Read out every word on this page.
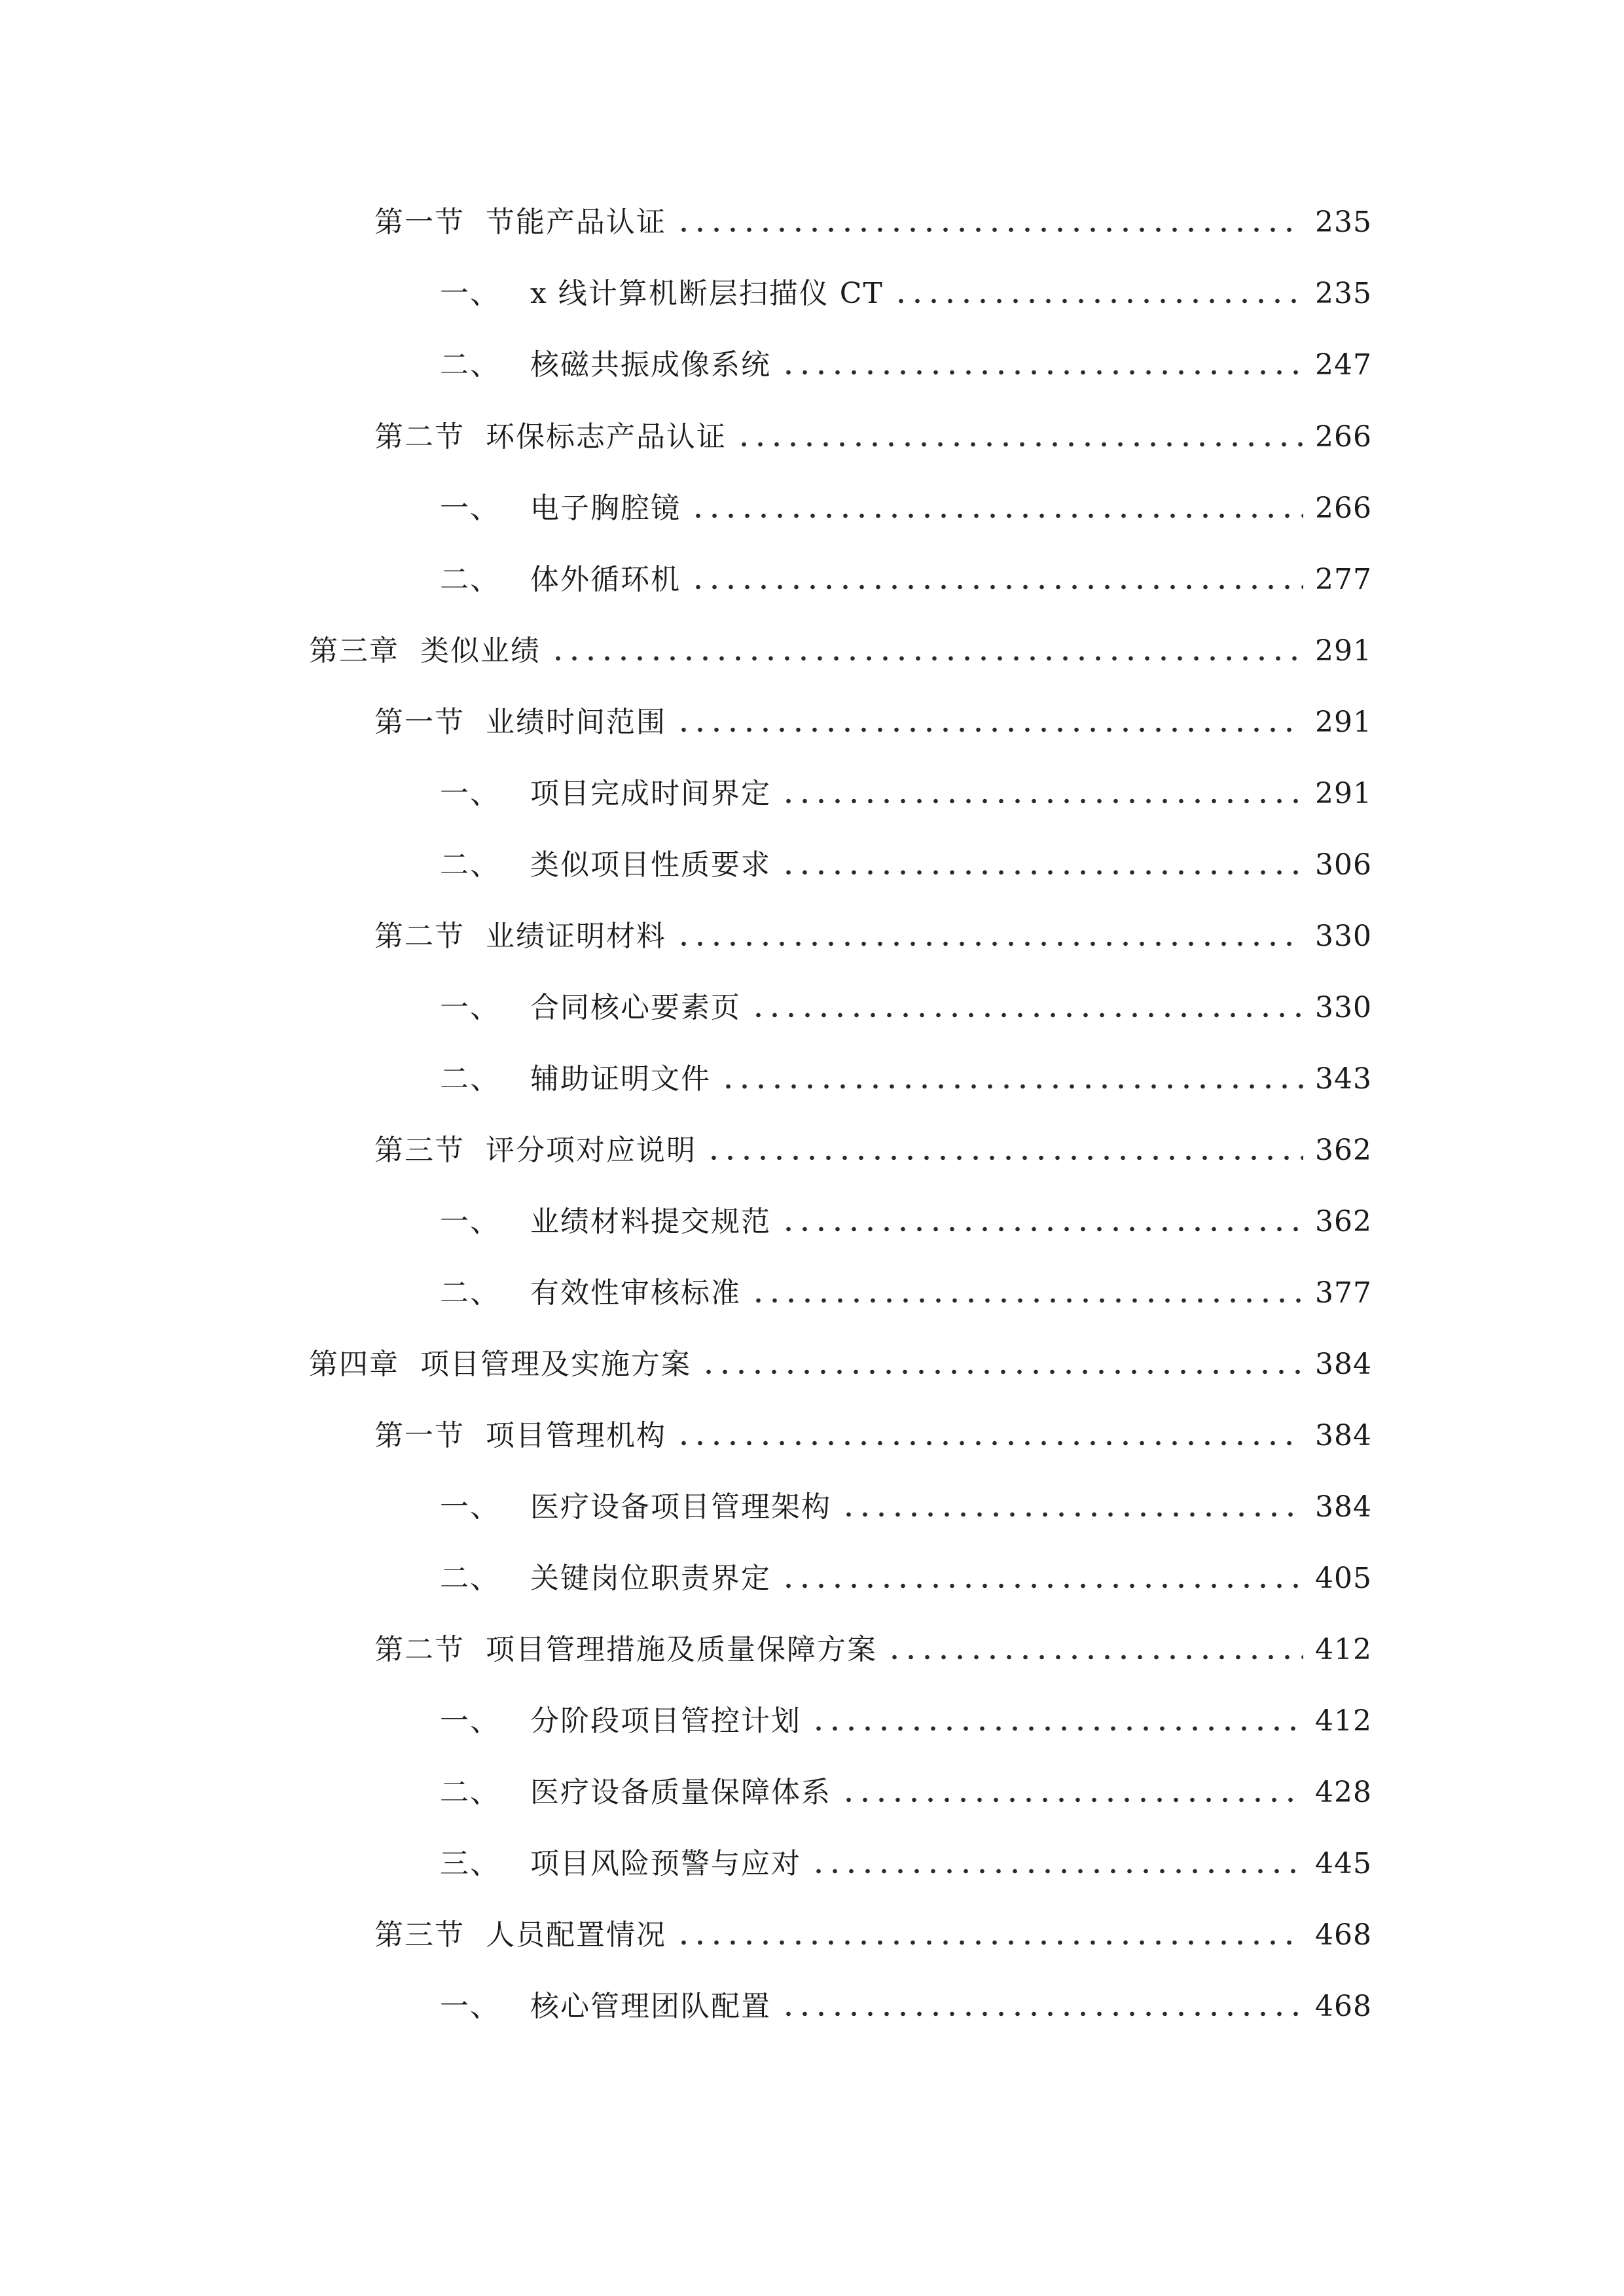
第一节 节能产品认证	235
一、 x 线计算机断层扫描仪 CT	235
二、 核磁共振成像系统	247
第二节 环保标志产品认证	266
一、 电子胸腔镜	266
二、 体外循环机	277
第三章 类似业绩	291
第一节 业绩时间范围	291
一、 项目完成时间界定	291
二、 类似项目性质要求	306
第二节 业绩证明材料	330
一、 合同核心要素页	330
二、 辅助证明文件	343
第三节 评分项对应说明	362
一、 业绩材料提交规范	362
二、 有效性审核标准	377
第四章 项目管理及实施方案	384
第一节 项目管理机构	384
一、 医疗设备项目管理架构	384
二、 关键岗位职责界定	405
第二节 项目管理措施及质量保障方案	412
一、 分阶段项目管控计划	412
二、 医疗设备质量保障体系	428
三、 项目风险预警与应对	445
第三节 人员配置情况	468
一、 核心管理团队配置	468
